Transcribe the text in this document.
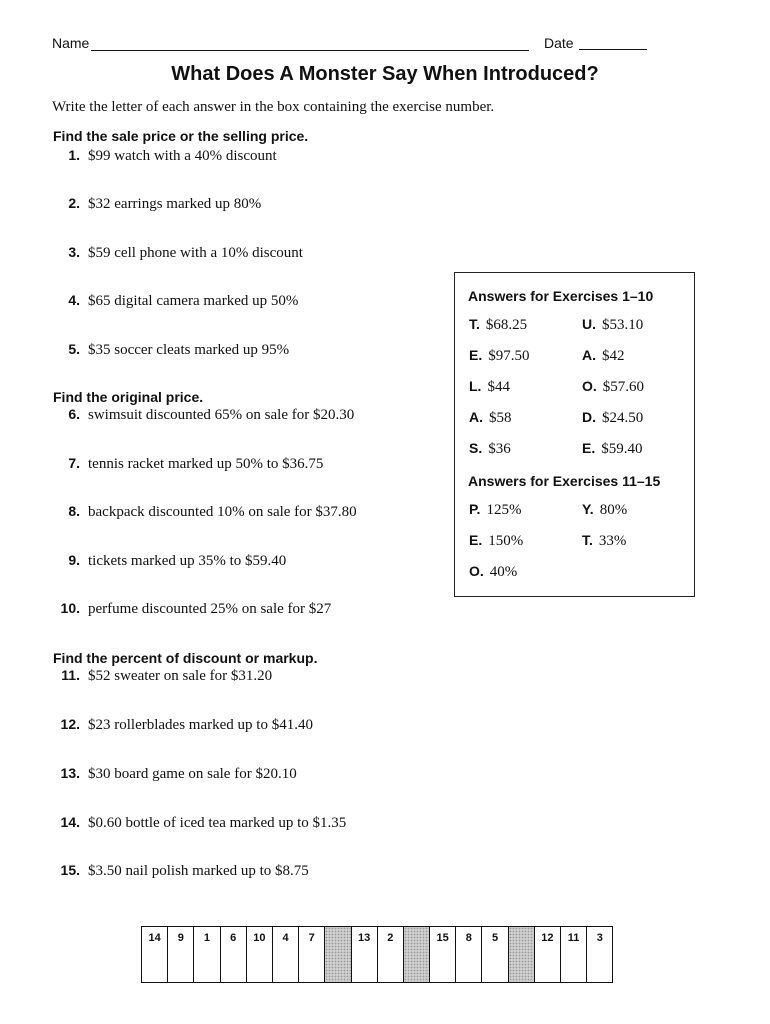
Name	Date
What Does A Monster Say When Introduced?
Write the letter of each answer in the box containing the exercise number.
Find the sale price or the selling price.
1. $99 watch with a 40% discount
2. $32 earrings marked up 80%
3. $59 cell phone with a 10% discount
4. $65 digital camera marked up 50%
5. $35 soccer cleats marked up 95%
Find the original price.
6. swimsuit discounted 65% on sale for $20.30
7. tennis racket marked up 50% to $36.75
8. backpack discounted 10% on sale for $37.80
9. tickets marked up 35% to $59.40
10. perfume discounted 25% on sale for $27
Find the percent of discount or markup.
11. $52 sweater on sale for $31.20
12. $23 rollerblades marked up to $41.40
13. $30 board game on sale for $20.10
14. $0.60 bottle of iced tea marked up to $1.35
15. $3.50 nail polish marked up to $8.75
Answers for Exercises 1–10
T. $68.25	U. $53.10
E. $97.50	A. $42
L. $44	O. $57.60
A. $58	D. $24.50
S. $36	E. $59.40
Answers for Exercises 11–15
P. 125%	Y. 80%
E. 150%	T. 33%
O. 40%
14	9	1	6	10	4	7	13	2	15	8	5	12	11	3
